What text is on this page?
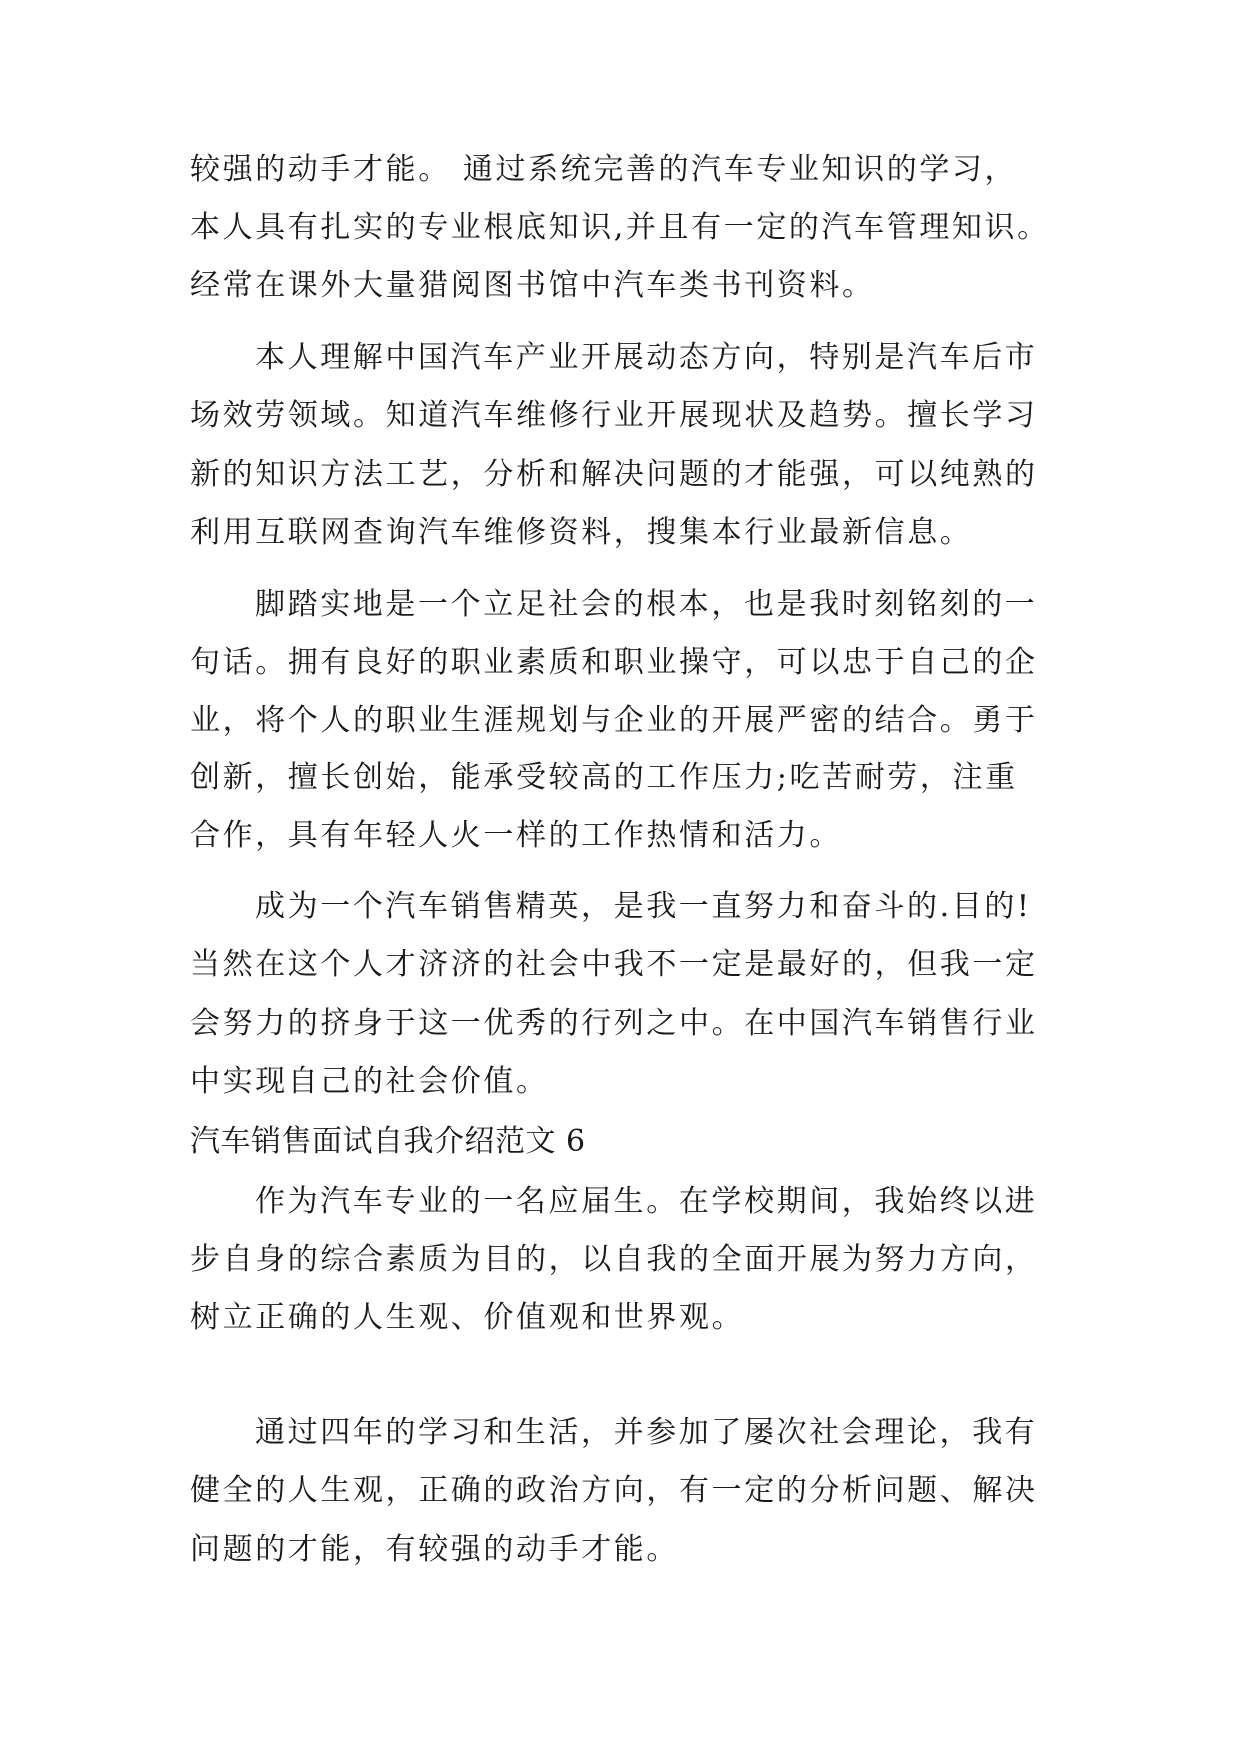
较强的动手才能。 通过系统完善的汽车专业知识的学习，
本人具有扎实的专业根底知识,并且有一定的汽车管理知识。
经常在课外大量猎阅图书馆中汽车类书刊资料。
本人理解中国汽车产业开展动态方向，特别是汽车后市
场效劳领域。知道汽车维修行业开展现状及趋势。擅长学习
新的知识方法工艺，分析和解决问题的才能强，可以纯熟的
利用互联网查询汽车维修资料，搜集本行业最新信息。
脚踏实地是一个立足社会的根本，也是我时刻铭刻的一
句话。拥有良好的职业素质和职业操守，可以忠于自己的企
业，将个人的职业生涯规划与企业的开展严密的结合。勇于
创新，擅长创始，能承受较高的工作压力;吃苦耐劳，注重
合作，具有年轻人火一样的工作热情和活力。
成为一个汽车销售精英，是我一直努力和奋斗的.目的!
当然在这个人才济济的社会中我不一定是最好的，但我一定
会努力的挤身于这一优秀的行列之中。在中国汽车销售行业
中实现自己的社会价值。
汽车销售面试自我介绍范文 6
作为汽车专业的一名应届生。在学校期间，我始终以进
步自身的综合素质为目的，以自我的全面开展为努力方向，
树立正确的人生观、价值观和世界观。
通过四年的学习和生活，并参加了屡次社会理论，我有
健全的人生观，正确的政治方向，有一定的分析问题、解决
问题的才能，有较强的动手才能。
